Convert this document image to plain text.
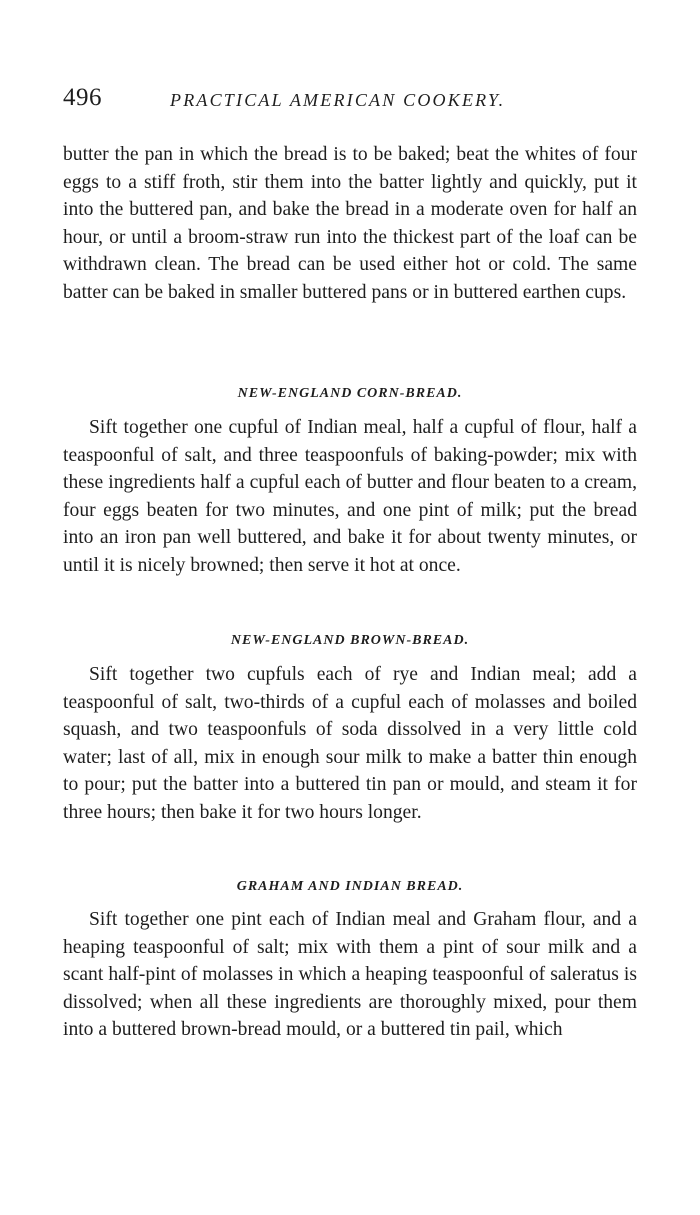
496	PRACTICAL AMERICAN COOKERY.

butter the pan in which the bread is to be baked; beat the whites of four eggs to a stiff froth, stir them into the batter lightly and quickly, put it into the buttered pan, and bake the bread in a moderate oven for half an hour, or until a broom-straw run into the thickest part of the loaf can be withdrawn clean. The bread can be used either hot or cold. The same batter can be baked in smaller buttered pans or in buttered earthen cups.

NEW-ENGLAND CORN-BREAD.

Sift together one cupful of Indian meal, half a cupful of flour, half a teaspoonful of salt, and three teaspoonfuls of baking-powder; mix with these ingredients half a cupful each of butter and flour beaten to a cream, four eggs beaten for two minutes, and one pint of milk; put the bread into an iron pan well buttered, and bake it for about twenty minutes, or until it is nicely browned; then serve it hot at once.

NEW-ENGLAND BROWN-BREAD.

Sift together two cupfuls each of rye and Indian meal; add a teaspoonful of salt, two-thirds of a cupful each of molasses and boiled squash, and two teaspoonfuls of soda dissolved in a very little cold water; last of all, mix in enough sour milk to make a batter thin enough to pour; put the batter into a buttered tin pan or mould, and steam it for three hours; then bake it for two hours longer.

GRAHAM AND INDIAN BREAD.

Sift together one pint each of Indian meal and Graham flour, and a heaping teaspoonful of salt; mix with them a pint of sour milk and a scant half-pint of molasses in which a heaping teaspoonful of saleratus is dissolved; when all these ingredients are thoroughly mixed, pour them into a buttered brown-bread mould, or a buttered tin pail, which
